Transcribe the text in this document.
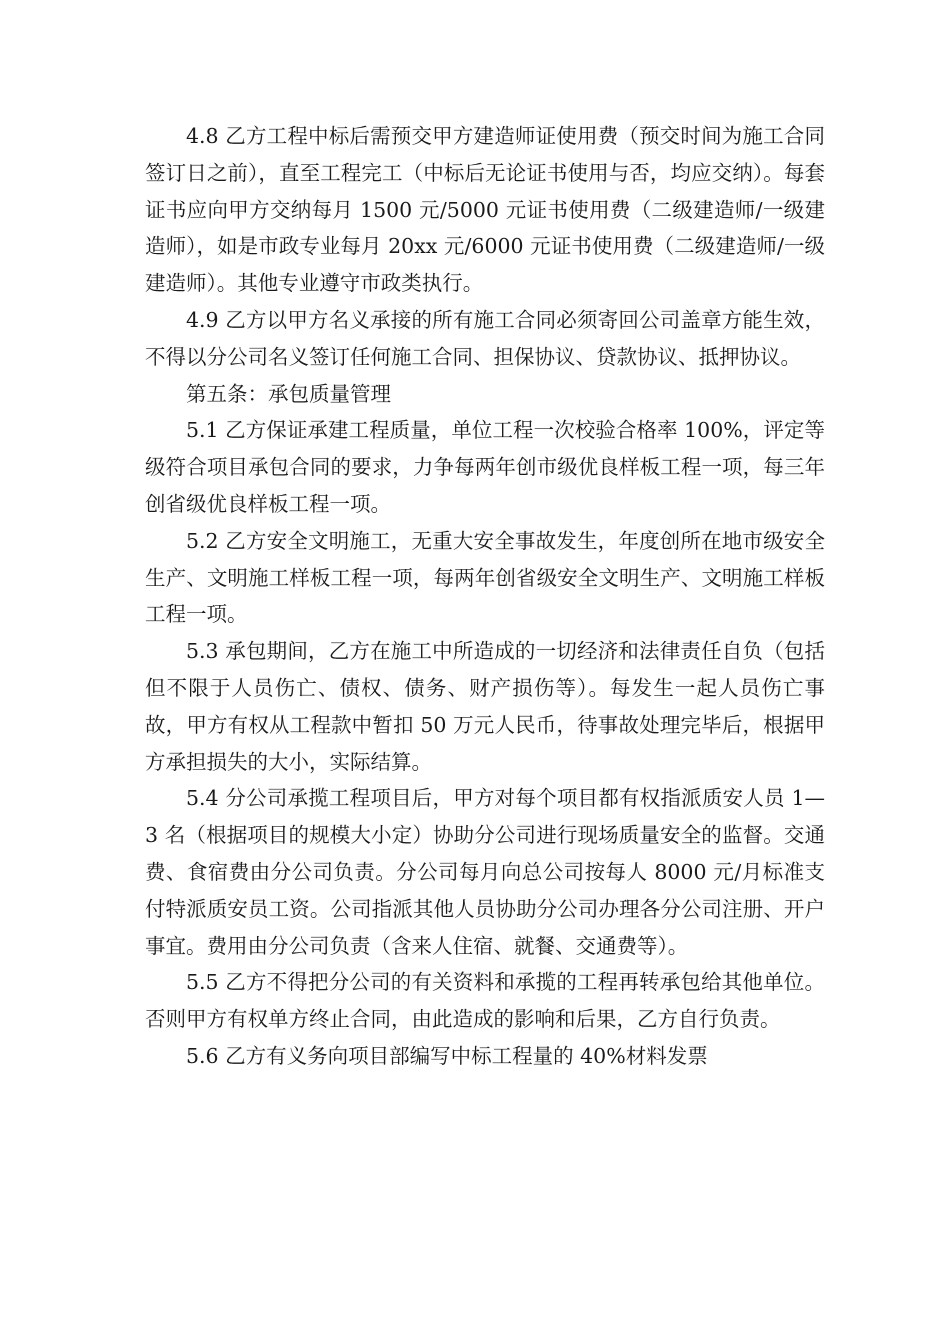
4.8 乙方工程中标后需预交甲方建造师证使用费（预交时间为施工合同签订日之前），直至工程完工（中标后无论证书使用与否，均应交纳）。每套证书应向甲方交纳每月 1500 元/5000 元证书使用费（二级建造师/一级建造师），如是市政专业每月 20xx 元/6000 元证书使用费（二级建造师/一级建造师）。其他专业遵守市政类执行。

4.9 乙方以甲方名义承接的所有施工合同必须寄回公司盖章方能生效，不得以分公司名义签订任何施工合同、担保协议、贷款协议、抵押协议。

第五条：承包质量管理

5.1 乙方保证承建工程质量，单位工程一次校验合格率 100%，评定等级符合项目承包合同的要求，力争每两年创市级优良样板工程一项，每三年创省级优良样板工程一项。

5.2 乙方安全文明施工，无重大安全事故发生，年度创所在地市级安全生产、文明施工样板工程一项，每两年创省级安全文明生产、文明施工样板工程一项。

5.3 承包期间，乙方在施工中所造成的一切经济和法律责任自负（包括但不限于人员伤亡、债权、债务、财产损伤等）。每发生一起人员伤亡事故，甲方有权从工程款中暂扣 50 万元人民币，待事故处理完毕后，根据甲方承担损失的大小，实际结算。

5.4 分公司承揽工程项目后，甲方对每个项目都有权指派质安人员 1—3 名（根据项目的规模大小定）协助分公司进行现场质量安全的监督。交通费、食宿费由分公司负责。分公司每月向总公司按每人 8000 元/月标准支付特派质安员工资。公司指派其他人员协助分公司办理各分公司注册、开户事宜。费用由分公司负责（含来人住宿、就餐、交通费等）。

5.5 乙方不得把分公司的有关资料和承揽的工程再转承包给其他单位。否则甲方有权单方终止合同，由此造成的影响和后果，乙方自行负责。

5.6 乙方有义务向项目部编写中标工程量的 40%材料发票
